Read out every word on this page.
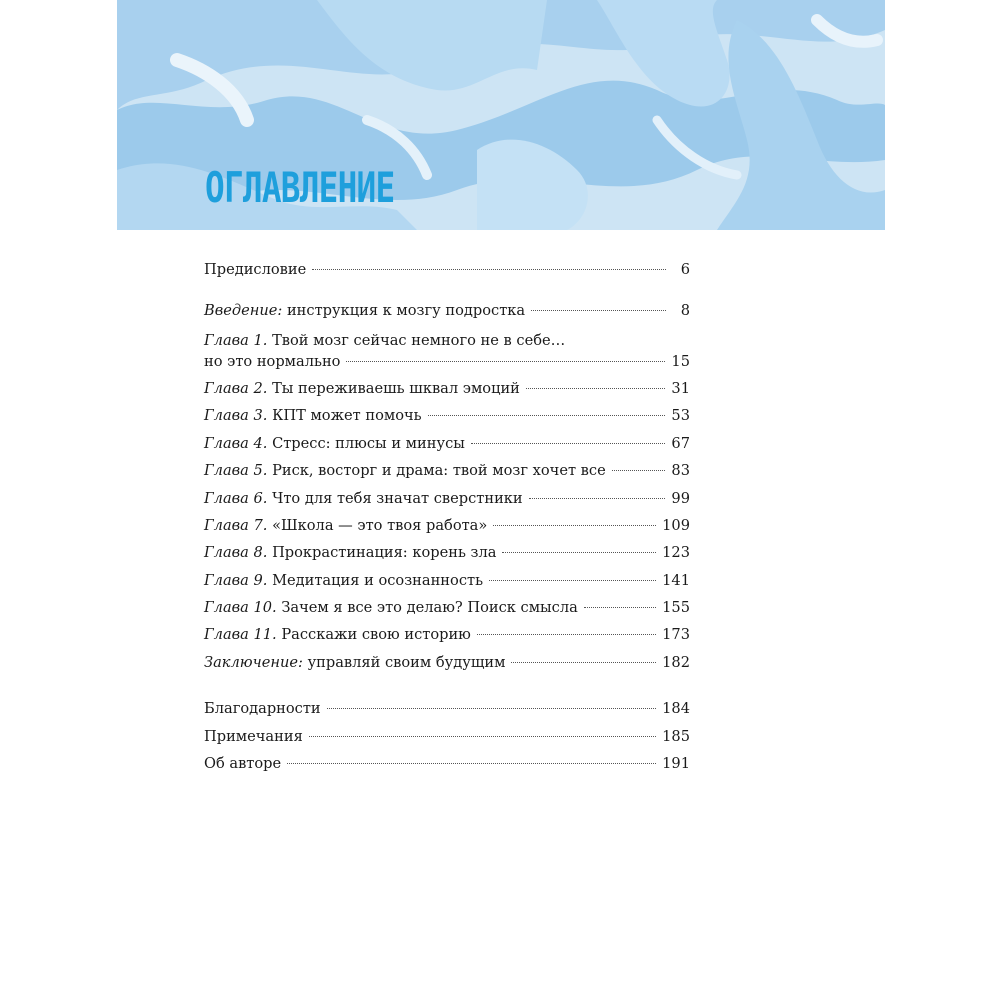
ОГЛАВЛЕНИЕ
Предисловие	6
Введение: инструкция к мозгу подростка	8
Глава 1. Твой мозг сейчас немного не в себе…
но это нормально	15
Глава 2. Ты переживаешь шквал эмоций	31
Глава 3. КПТ может помочь	53
Глава 4. Стресс: плюсы и минусы	67
Глава 5. Риск, восторг и драма: твой мозг хочет все	83
Глава 6. Что для тебя значат сверстники	99
Глава 7. «Школа — это твоя работа»	109
Глава 8. Прокрастинация: корень зла	123
Глава 9. Медитация и осознанность	141
Глава 10. Зачем я все это делаю? Поиск смысла	155
Глава 11. Расскажи свою историю	173
Заключение: управляй своим будущим	182
Благодарности	184
Примечания	185
Об авторе	191
